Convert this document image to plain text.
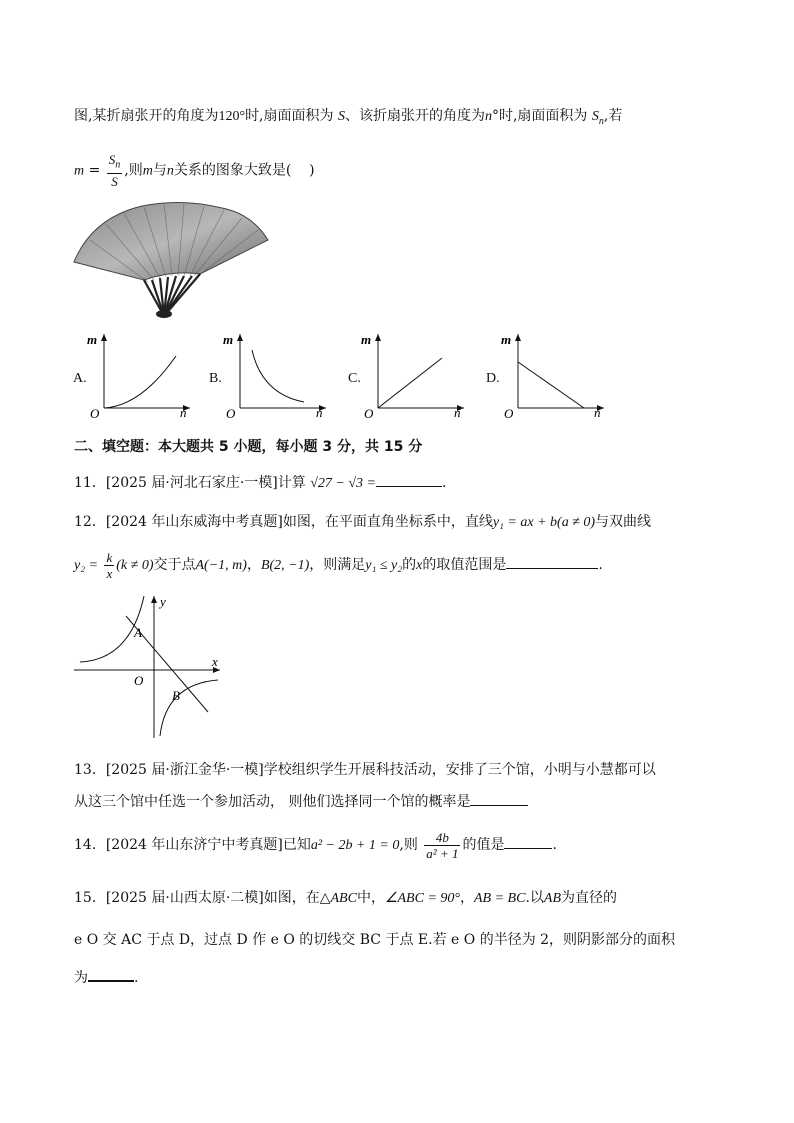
图,某折扇张开的角度为120°时,扇面面积为 S、该折扇张开的角度为n°时,扇面面积为 $S_n$,若
$m = \frac{S_n}{S}$ ,则m与n关系的图象大致是( )
A.
m
n
O
B.
m
n
O
C.
m
n
O
D.
m
n
O
二、填空题：本大题共 5 小题，每小题 3 分，共 15 分
11．[2025 届·河北石家庄·一模]计算 √27 − √3 =	.
12．[2024 年山东威海中考真题]如图，在平面直角坐标系中，直线y₁ = ax + b(a ≠ 0)与双曲线
$y_2 = \frac{k}{x} (k \ne 0)$交于点A(−1, m)，B(2, −1)，则满足y₁ ≤ y₂的x的取值范围是	.
y
x
O
A
B
13．[2025 届·浙江金华·一模]学校组织学生开展科技活动，安排了三个馆，小明与小慧都可以
从这三个馆中任选一个参加活动， 则他们选择同一个馆的概率是
14．[2024 年山东济宁中考真题]已知a² − 2b + 1 = 0,则 $\frac{4b}{\text{a² + 1}}$ 的值是	.
15．[2025 届·山西太原·二模]如图，在△ABC中，∠ABC = 90°，AB = BC.以AB为直径的
e O 交 AC 于点 D，过点 D 作 e O 的切线交 BC 于点 E.若 e O 的半径为 2，则阴影部分的面积
为	.
